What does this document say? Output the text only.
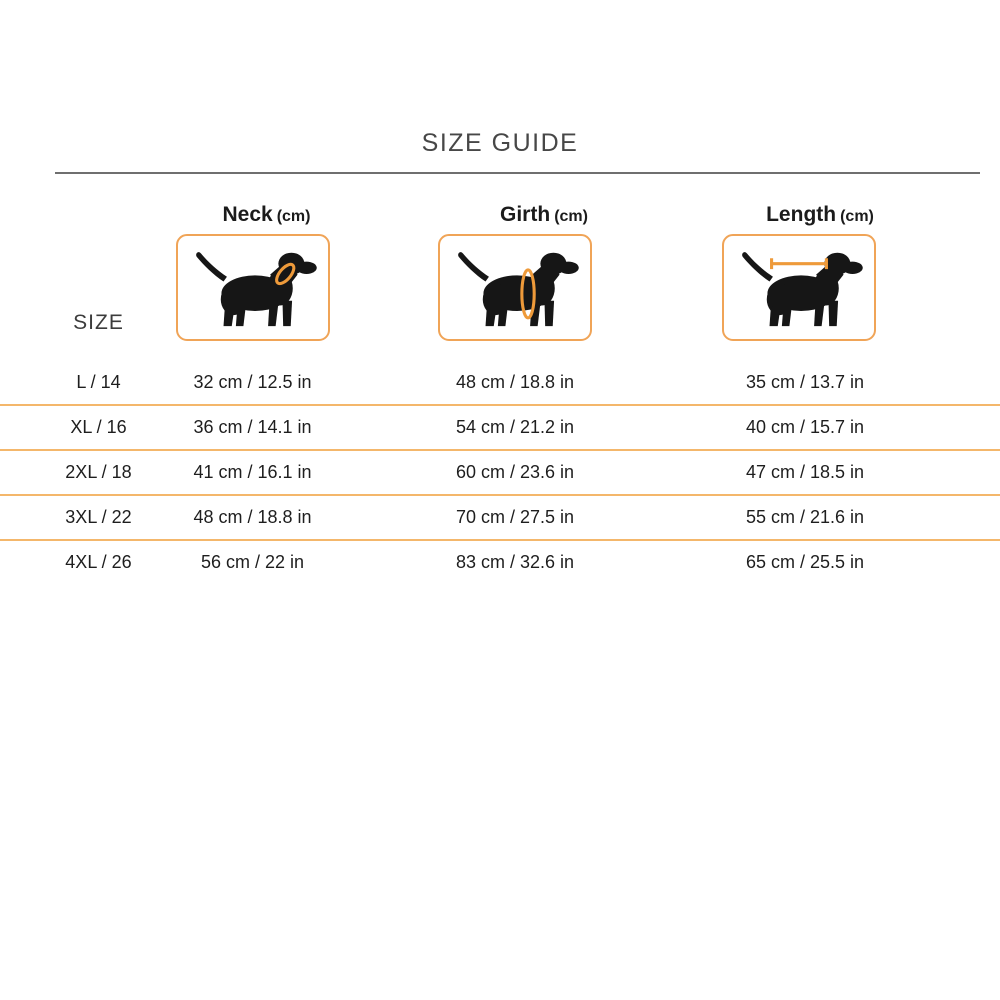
SIZE GUIDE
Neck (cm)	Girth (cm)	Length (cm)
SIZE
L / 14	32 cm / 12.5 in	48 cm / 18.8 in	35 cm / 13.7 in
XL / 16	36 cm / 14.1 in	54 cm / 21.2 in	40 cm / 15.7 in
2XL / 18	41 cm / 16.1 in	60 cm / 23.6 in	47 cm / 18.5 in
3XL / 22	48 cm / 18.8 in	70 cm / 27.5 in	55 cm / 21.6 in
4XL / 26	56 cm / 22 in	83 cm / 32.6 in	65 cm / 25.5 in
